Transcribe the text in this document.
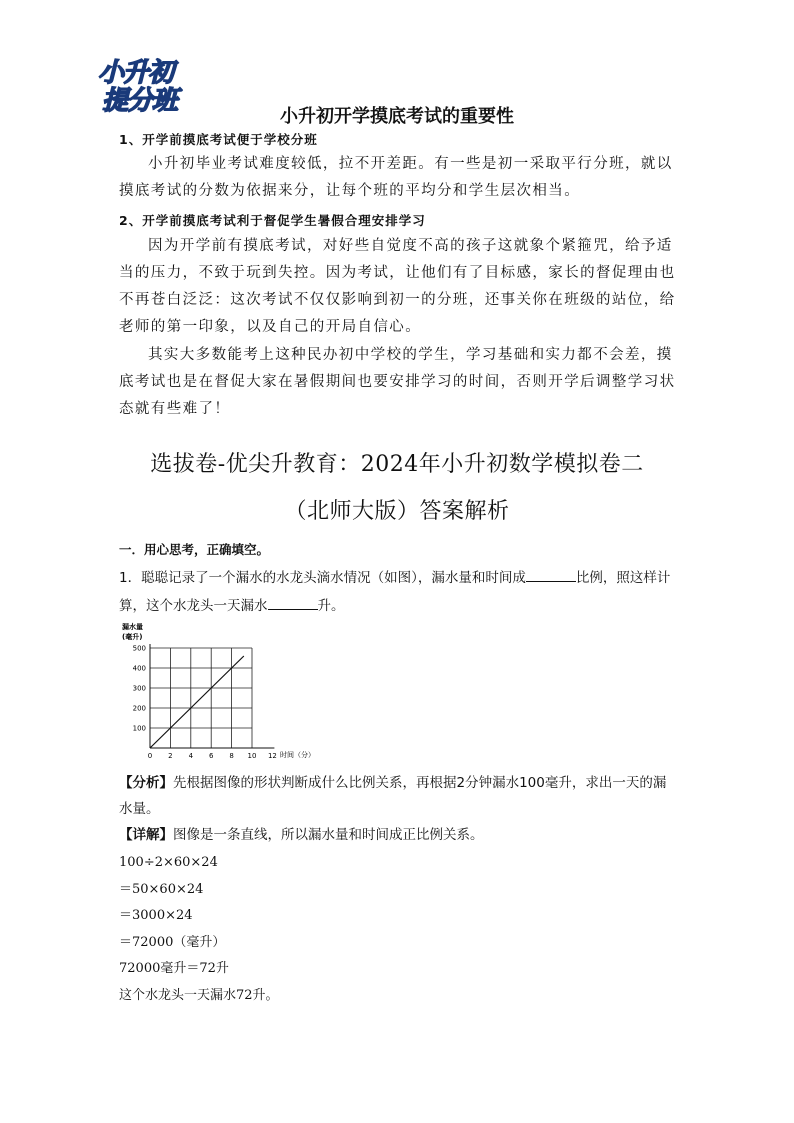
小升初
提分班
小升初开学摸底考试的重要性
1、开学前摸底考试便于学校分班
小升初毕业考试难度较低，拉不开差距。有一些是初一采取平行分班，就以摸底考试的分数为依据来分，让每个班的平均分和学生层次相当。
2、开学前摸底考试利于督促学生暑假合理安排学习
因为开学前有摸底考试，对好些自觉度不高的孩子这就象个紧箍咒，给予适当的压力，不致于玩到失控。因为考试，让他们有了目标感，家长的督促理由也不再苍白泛泛：这次考试不仅仅影响到初一的分班，还事关你在班级的站位，给老师的第一印象，以及自己的开局自信心。
其实大多数能考上这种民办初中学校的学生，学习基础和实力都不会差，摸底考试也是在督促大家在暑假期间也要安排学习的时间，否则开学后调整学习状态就有些难了！
选拔卷-优尖升教育：2024年小升初数学模拟卷二
（北师大版）答案解析
一．用心思考，正确填空。
1．聪聪记录了一个漏水的水龙头滴水情况（如图），漏水量和时间成	比例，照这样计算，这个水龙头一天漏水	升。
0 2 4 6 8 10 12
100
200
300
400
500
漏水量
(毫升)
时间（分）
【分析】先根据图像的形状判断成什么比例关系，再根据2分钟漏水100毫升，求出一天的漏水量。
【详解】图像是一条直线，所以漏水量和时间成正比例关系。
100÷2×60×24
＝50×60×24
＝3000×24
＝72000（毫升）
72000毫升＝72升
这个水龙头一天漏水72升。
